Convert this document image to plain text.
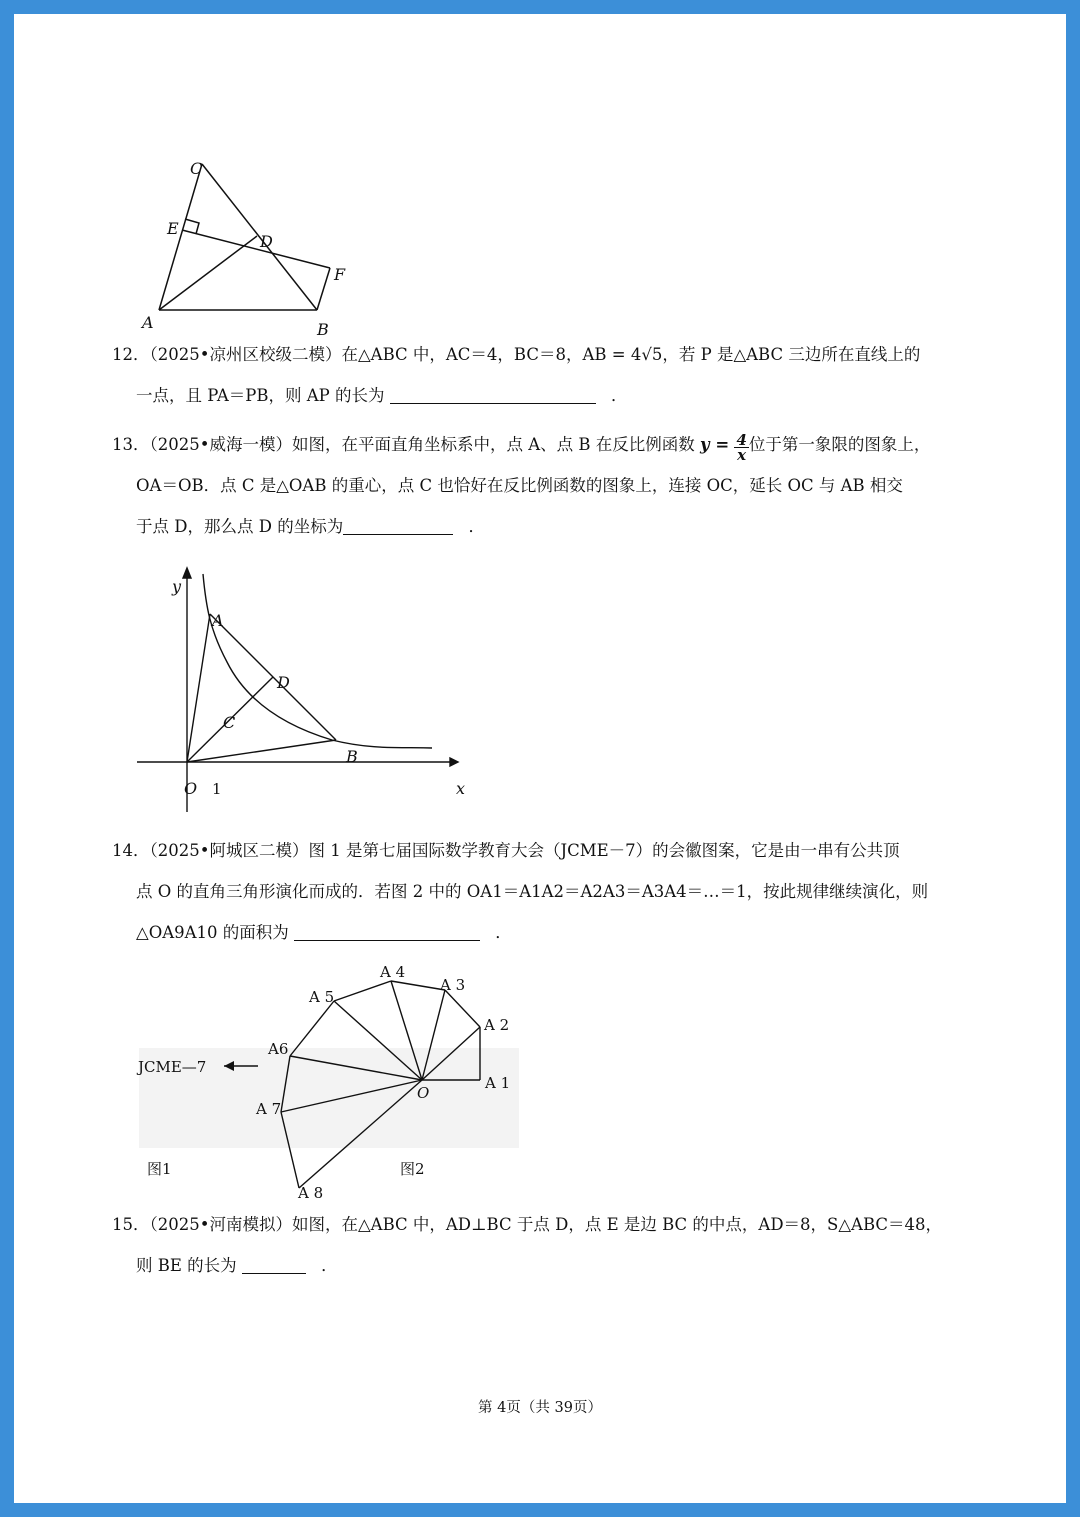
C
E
D
F
A	B
12．（2025•凉州区校级二模）在△ABC 中，AC＝4，BC＝8，AB = 4√5，若 P 是△ABC 三边所在直线上的
一点，且 PA＝PB，则 AP 的长为	．
13．（2025•威海一模）如图，在平面直角坐标系中，点 A、点 B 在反比例函数 $y = \frac{4}{x}$ 位于第一象限的图象上，
OA＝OB．点 C 是△OAB 的重心，点 C 也恰好在反比例函数的图象上，连接 OC，延长 OC 与 AB 相交
于点 D，那么点 D 的坐标为	．
y
x
O
A
B
C
D
1
14．（2025•阿城区二模）图 1 是第七届国际数学教育大会（JCME－7）的会徽图案，它是由一串有公共顶
点 O 的直角三角形演化而成的．若图 2 中的 OA1＝A1A2＝A2A3＝A3A4＝…＝1，按此规律继续演化，则
△OA9A10 的面积为	．
JCME—7
O
A 1
A 2
A 3
A 4
A 5
A6
A 7
A 8
图1	图2
15．（2025•河南模拟）如图，在△ABC 中，AD⊥BC 于点 D，点 E 是边 BC 的中点，AD＝8，S△ABC＝48，
则 BE 的长为	．
第 4页（共 39页）
